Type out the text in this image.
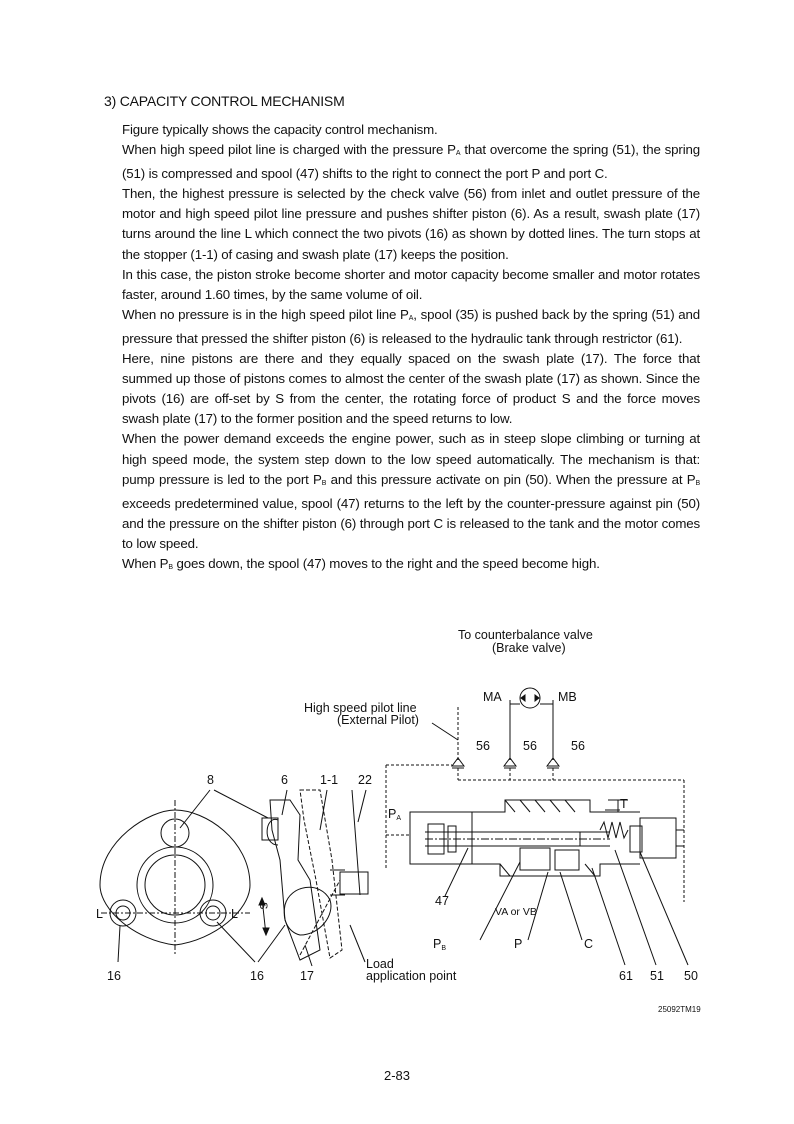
3) CAPACITY CONTROL MECHANISM

Figure typically shows the capacity control mechanism.

When high speed pilot line is charged with the pressure $P_A$ that overcome the spring (51), the spring (51) is compressed and spool (47) shifts to the right to connect the port P and port C.

Then, the highest pressure is selected by the check valve (56) from inlet and outlet pressure of the motor and high speed pilot line pressure and pushes shifter piston (6). As a result, swash plate (17) turns around the line L which connect the two pivots (16) as shown by dotted lines. The turn stops at the stopper (1-1) of casing and swash plate (17) keeps the position.

In this case, the piston stroke become shorter and motor capacity become smaller and motor rotates faster, around 1.60 times, by the same volume of oil.

When no pressure is in the high speed pilot line $P_A$, spool (35) is pushed back by the spring (51) and pressure that pressed the shifter piston (6) is released to the hydraulic tank through restrictor (61).

Here, nine pistons are there and they equally spaced on the swash plate (17). The force that summed up those of pistons comes to almost the center of the swash plate (17) as shown. Since the pivots (16) are off-set by S from the center, the rotating force of product S and the force moves swash plate (17) to the former position and the speed returns to low.

When the power demand exceeds the engine power, such as in steep slope climbing or turning at high speed mode, the system step down to the low speed automatically. The mechanism is that: pump pressure is led to the port $P_B$ and this pressure activate on pin (50). When the pressure at $P_B$ exceeds predetermined value, spool (47) returns to the left by the counter-pressure against pin (50) and the pressure on the shifter piston (6) through port C is released to the tank and the motor comes to low speed.

When $P_B$ goes down, the spool (47) moves to the right and the speed become high.

To counterbalance valve
(Brake valve)
MA	MB
High speed pilot line
(External Pilot)
56	56	56
8	6	1-1 22
PA
T
47
VA or VB
PB	P	C
L	L
S
16	16	17
Load
application point	61 51 50
25092TM19
2-83
